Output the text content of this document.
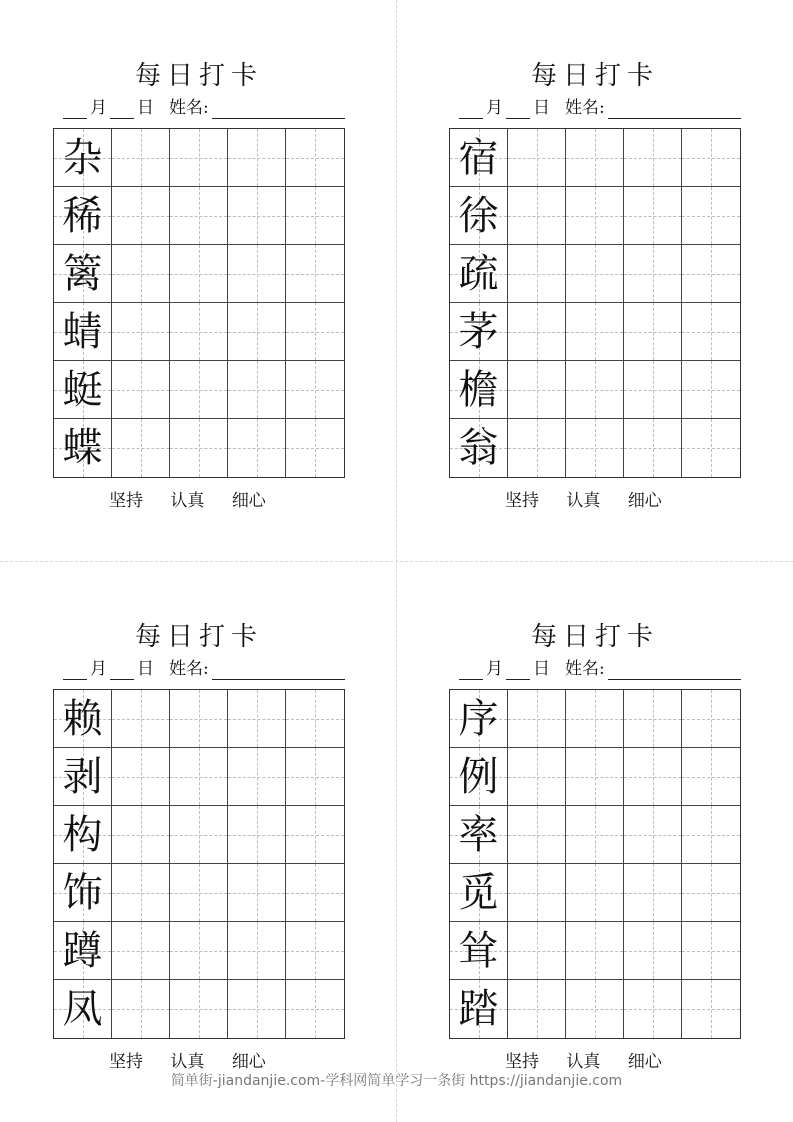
每日打卡
月 日 姓名:
杂
稀
篱
蜻
蜓
蝶
坚持 认真 细心
每日打卡
月 日 姓名:
宿
徐
疏
茅
檐
翁
坚持 认真 细心
每日打卡
月 日 姓名:
赖
剥
构
饰
蹲
凤
坚持 认真 细心
每日打卡
月 日 姓名:
序
例
率
觅
耸
踏
坚持 认真 细心
简单街-jiandanjie.com-学科网简单学习一条街 https://jiandanjie.com
